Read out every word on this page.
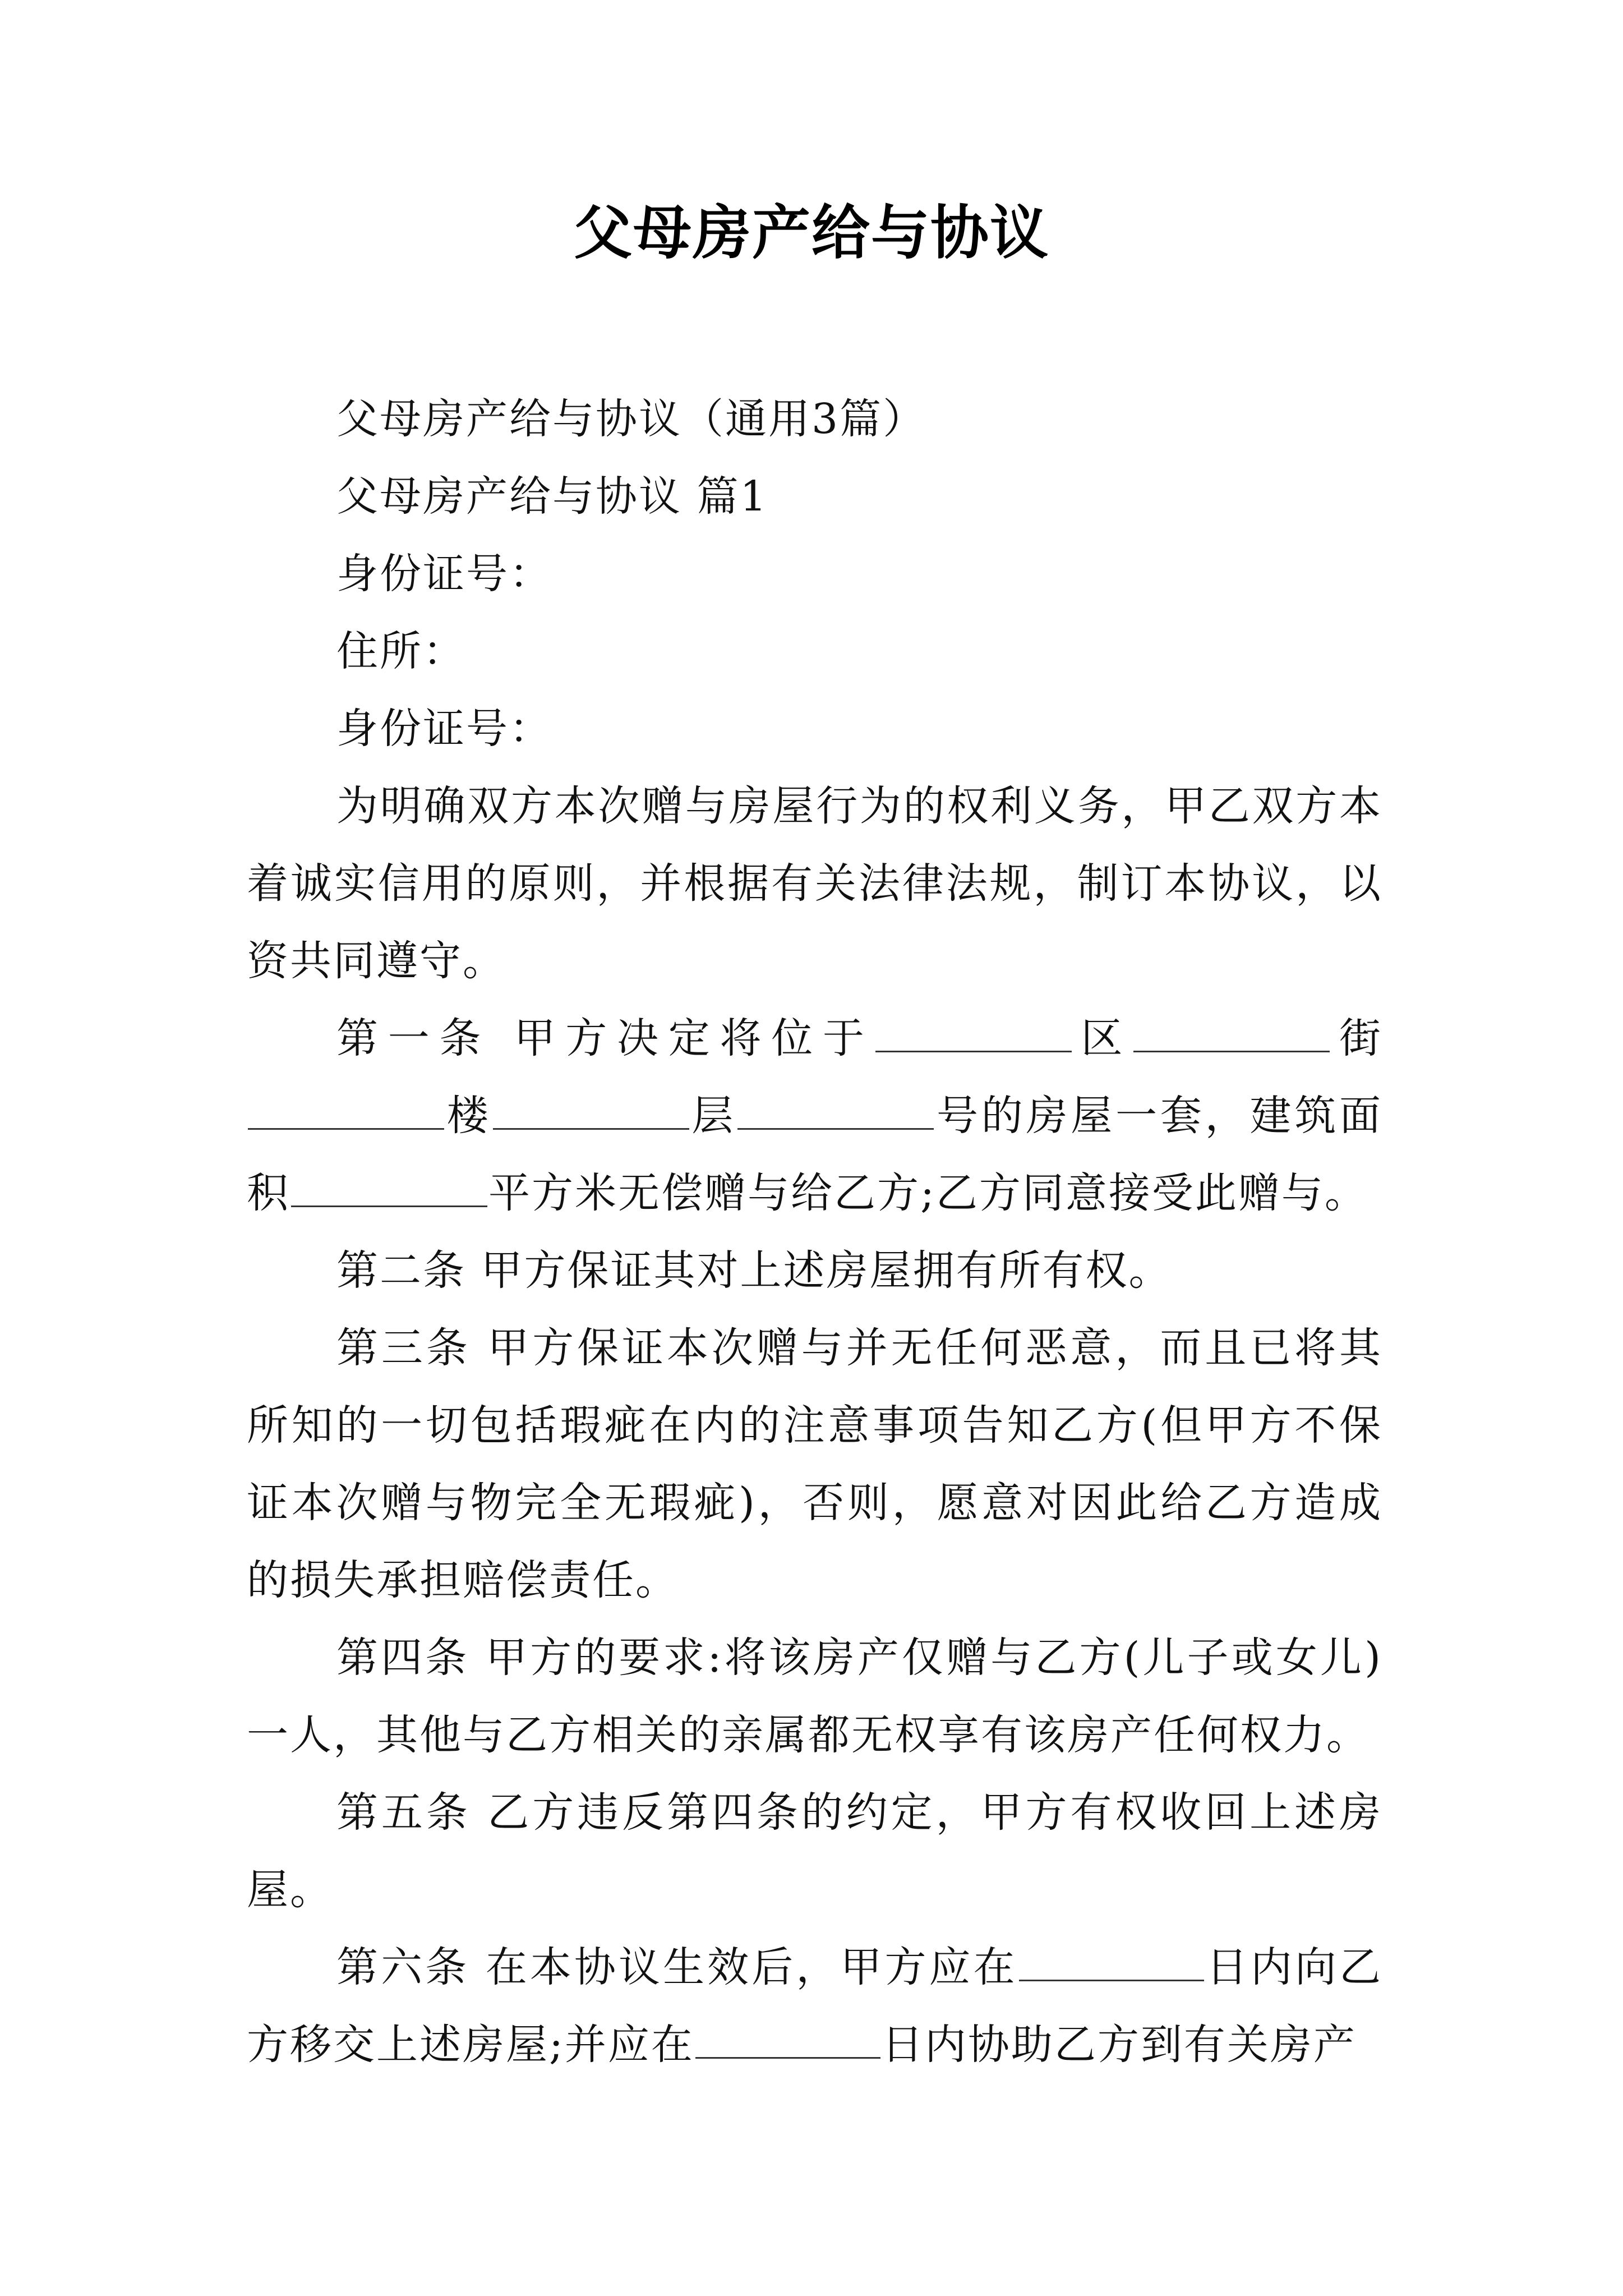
父母房产给与协议

父母房产给与协议（通用3篇）

父母房产给与协议 篇1

身份证号：

住所：

身份证号：

为明确双方本次赠与房屋行为的权利义务，甲乙双方本着诚实信用的原则，并根据有关法律法规，制订本协议，以资共同遵守。

第一条 甲方决定将位于	区	街楼	层	号的房屋一套，建筑面积	平方米无偿赠与给乙方;乙方同意接受此赠与。

第二条 甲方保证其对上述房屋拥有所有权。

第三条 甲方保证本次赠与并无任何恶意，而且已将其所知的一切包括瑕疵在内的注意事项告知乙方(但甲方不保证本次赠与物完全无瑕疵)，否则，愿意对因此给乙方造成的损失承担赔偿责任。

第四条 甲方的要求:将该房产仅赠与乙方(儿子或女儿)一人，其他与乙方相关的亲属都无权享有该房产任何权力。

第五条 乙方违反第四条的约定，甲方有权收回上述房屋。

第六条 在本协议生效后，甲方应在	日内向乙方移交上述房屋;并应在	日内协助乙方到有关房产
